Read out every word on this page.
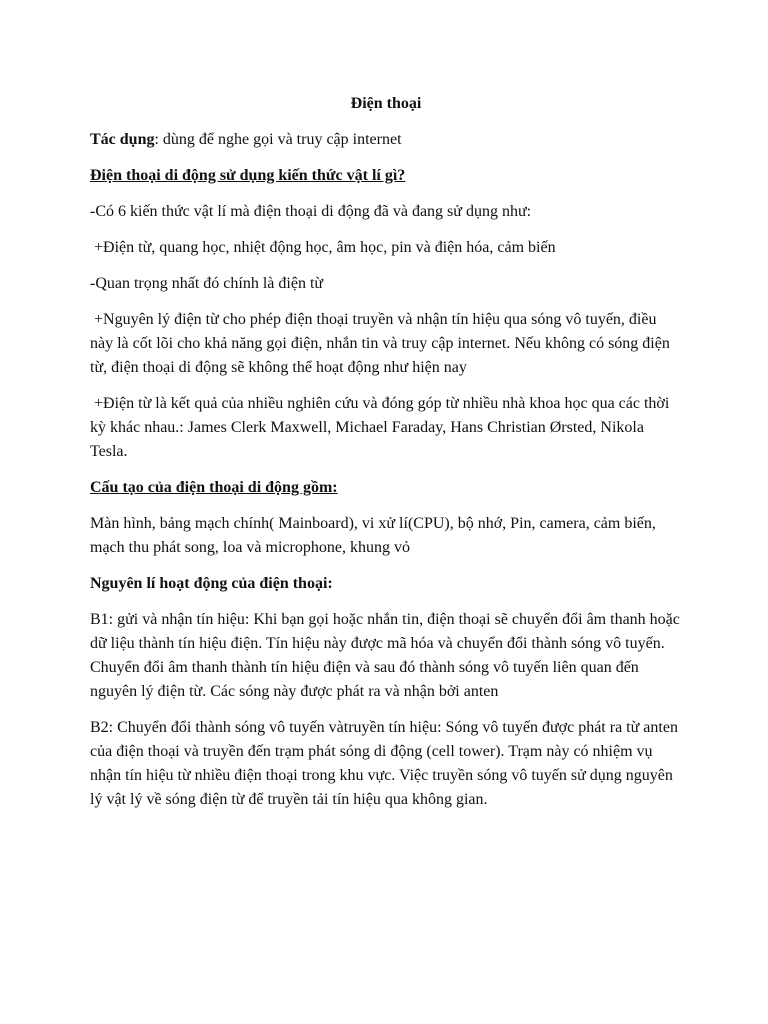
Điện thoại

Tác dụng: dùng để nghe gọi và truy cập internet

Điện thoại di động sử dụng kiến thức vật lí gì?

-Có 6 kiến thức vật lí mà điện thoại di động đã và đang sử dụng như:

+Điện từ, quang học, nhiệt động học, âm học, pin và điện hóa, cảm biến

-Quan trọng nhất đó chính là điện từ

+Nguyên lý điện từ cho phép điện thoại truyền và nhận tín hiệu qua sóng vô tuyến, điều này là cốt lõi cho khả năng gọi điện, nhắn tin và truy cập internet. Nếu không có sóng điện từ, điện thoại di động sẽ không thể hoạt động như hiện nay

+Điện từ là kết quả của nhiều nghiên cứu và đóng góp từ nhiều nhà khoa học qua các thời kỳ khác nhau.: James Clerk Maxwell, Michael Faraday, Hans Christian Ørsted, Nikola Tesla.

Cấu tạo của điện thoại di động gồm:

Màn hình, bảng mạch chính( Mainboard), vi xử lí(CPU), bộ nhớ, Pin, camera, cảm biến, mạch thu phát song, loa và microphone, khung vỏ

Nguyên lí hoạt động của điện thoại:

B1: gửi và nhận tín hiệu: Khi bạn gọi hoặc nhắn tin, điện thoại sẽ chuyển đổi âm thanh hoặc dữ liệu thành tín hiệu điện. Tín hiệu này được mã hóa và chuyển đổi thành sóng vô tuyến. Chuyển đổi âm thanh thành tín hiệu điện và sau đó thành sóng vô tuyến liên quan đến nguyên lý điện từ. Các sóng này được phát ra và nhận bởi anten

B2: Chuyển đổi thành sóng vô tuyến vàtruyền tín hiệu: Sóng vô tuyến được phát ra từ anten của điện thoại và truyền đến trạm phát sóng di động (cell tower). Trạm này có nhiệm vụ nhận tín hiệu từ nhiều điện thoại trong khu vực. Việc truyền sóng vô tuyến sử dụng nguyên lý vật lý về sóng điện từ để truyền tải tín hiệu qua không gian.
